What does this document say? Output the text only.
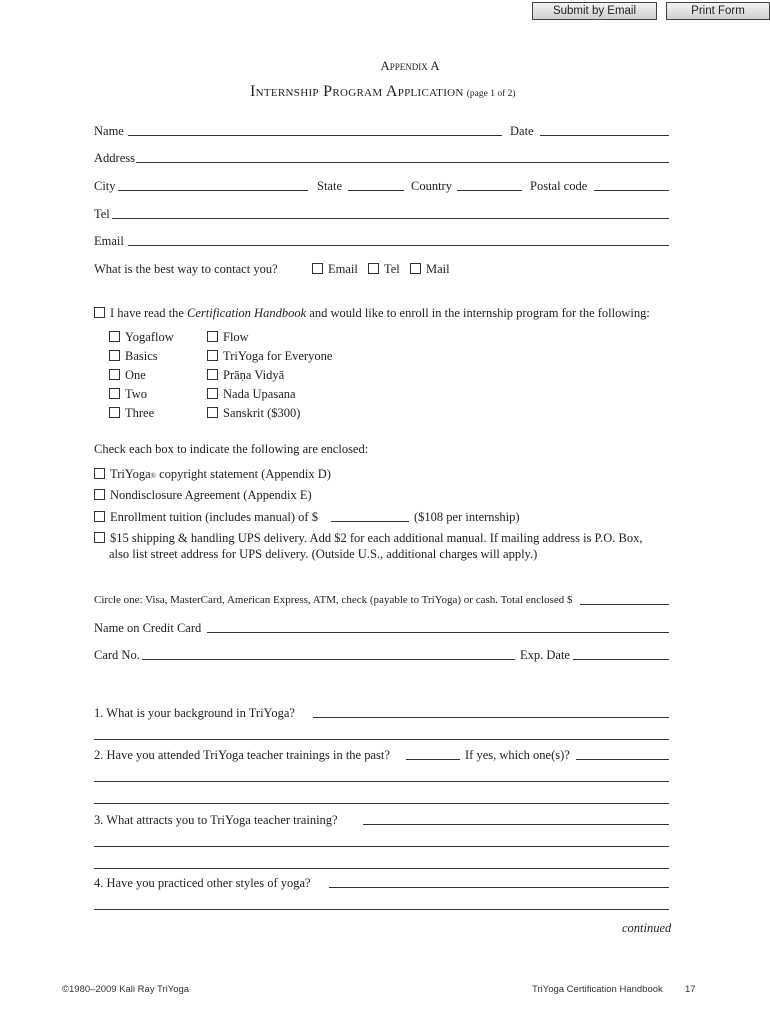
Submit by Email	Print Form
Appendix A
Internship Program Application (page 1 of 2)
Name	Date
Address
City	State	Country	Postal code
Tel
Email
What is the best way to contact you?	Email	Tel	Mail
I have read the Certification Handbook and would like to enroll in the internship program for the following:
Yogaflow
Basics
One
Two
Three
Flow
TriYoga for Everyone
Prāṇa Vidyā
Nada Upasana
Sanskrit ($300)
Check each box to indicate the following are enclosed:
TriYoga® copyright statement (Appendix D)
Nondisclosure Agreement (Appendix E)
Enrollment tuition (includes manual) of $	($108 per internship)
$15 shipping & handling UPS delivery. Add $2 for each additional manual. If mailing address is P.O. Box,
also list street address for UPS delivery. (Outside U.S., additional charges will apply.)
Circle one: Visa, MasterCard, American Express, ATM, check (payable to TriYoga) or cash. Total enclosed $
Name on Credit Card
Card No.	Exp. Date
1. What is your background in TriYoga?
2. Have you attended TriYoga teacher trainings in the past?	If yes, which one(s)?
3. What attracts you to TriYoga teacher training?
4. Have you practiced other styles of yoga?
continued
©1980–2009 Kali Ray TriYoga	TriYoga Certification Handbook 17
